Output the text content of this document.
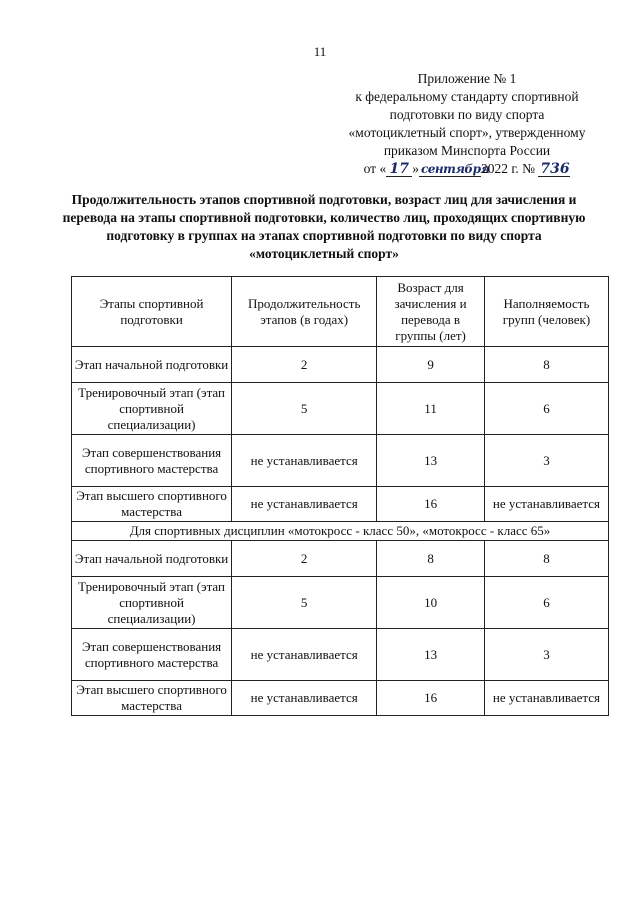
11
Приложение № 1
к федеральному стандарту спортивной
подготовки по виду спорта
«мотоциклетный спорт», утвержденному
приказом Минспорта России
от « 17 » сентября2022 г. № 736
Продолжительность этапов спортивной подготовки, возраст лиц для зачисления и перевода на этапы спортивной подготовки, количество лиц, проходящих спортивную подготовку в группах на этапах спортивной подготовки по виду спорта «мотоциклетный спорт»
Этапы спортивной подготовки	Продолжительность этапов (в годах)	Возраст для зачисления и перевода в группы (лет)	Наполняемость групп (человек)
Этап начальной подготовки	2	9	8
Тренировочный этап (этап спортивной специализации)	5	11	6
Этап совершенствования спортивного мастерства	не устанавливается	13	3
Этап высшего спортивного мастерства	не устанавливается	16	не устанавливается
Для спортивных дисциплин «мотокросс - класс 50», «мотокросс - класс 65»			
Этап начальной подготовки	2	8	8
Тренировочный этап (этап спортивной специализации)	5	10	6
Этап совершенствования спортивного мастерства	не устанавливается	13	3
Этап высшего спортивного мастерства	не устанавливается	16	не устанавливается
